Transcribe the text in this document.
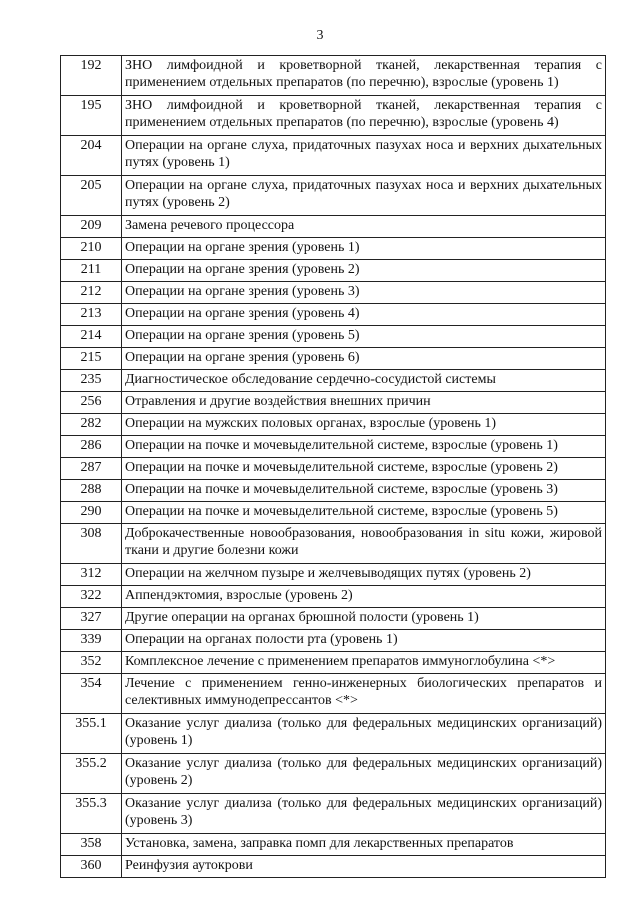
3
192	ЗНО лимфоидной и кроветворной тканей, лекарственная терапия с применением отдельных препаратов (по перечню), взрослые (уровень 1)
195	ЗНО лимфоидной и кроветворной тканей, лекарственная терапия с применением отдельных препаратов (по перечню), взрослые (уровень 4)
204	Операции на органе слуха, придаточных пазухах носа и верхних дыхательных путях (уровень 1)
205	Операции на органе слуха, придаточных пазухах носа и верхних дыхательных путях (уровень 2)
209	Замена речевого процессора
210	Операции на органе зрения (уровень 1)
211	Операции на органе зрения (уровень 2)
212	Операции на органе зрения (уровень 3)
213	Операции на органе зрения (уровень 4)
214	Операции на органе зрения (уровень 5)
215	Операции на органе зрения (уровень 6)
235	Диагностическое обследование сердечно-сосудистой системы
256	Отравления и другие воздействия внешних причин
282	Операции на мужских половых органах, взрослые (уровень 1)
286	Операции на почке и мочевыделительной системе, взрослые (уровень 1)
287	Операции на почке и мочевыделительной системе, взрослые (уровень 2)
288	Операции на почке и мочевыделительной системе, взрослые (уровень 3)
290	Операции на почке и мочевыделительной системе, взрослые (уровень 5)
308	Доброкачественные новообразования, новообразования in situ кожи, жировой ткани и другие болезни кожи
312	Операции на желчном пузыре и желчевыводящих путях (уровень 2)
322	Аппендэктомия, взрослые (уровень 2)
327	Другие операции на органах брюшной полости (уровень 1)
339	Операции на органах полости рта (уровень 1)
352	Комплексное лечение с применением препаратов иммуноглобулина <*>
354	Лечение с применением генно-инженерных биологических препаратов и селективных иммунодепрессантов <*>
355.1	Оказание услуг диализа (только для федеральных медицинских организаций) (уровень 1)
355.2	Оказание услуг диализа (только для федеральных медицинских организаций) (уровень 2)
355.3	Оказание услуг диализа (только для федеральных медицинских организаций) (уровень 3)
358	Установка, замена, заправка помп для лекарственных препаратов
360	Реинфузия аутокрови
